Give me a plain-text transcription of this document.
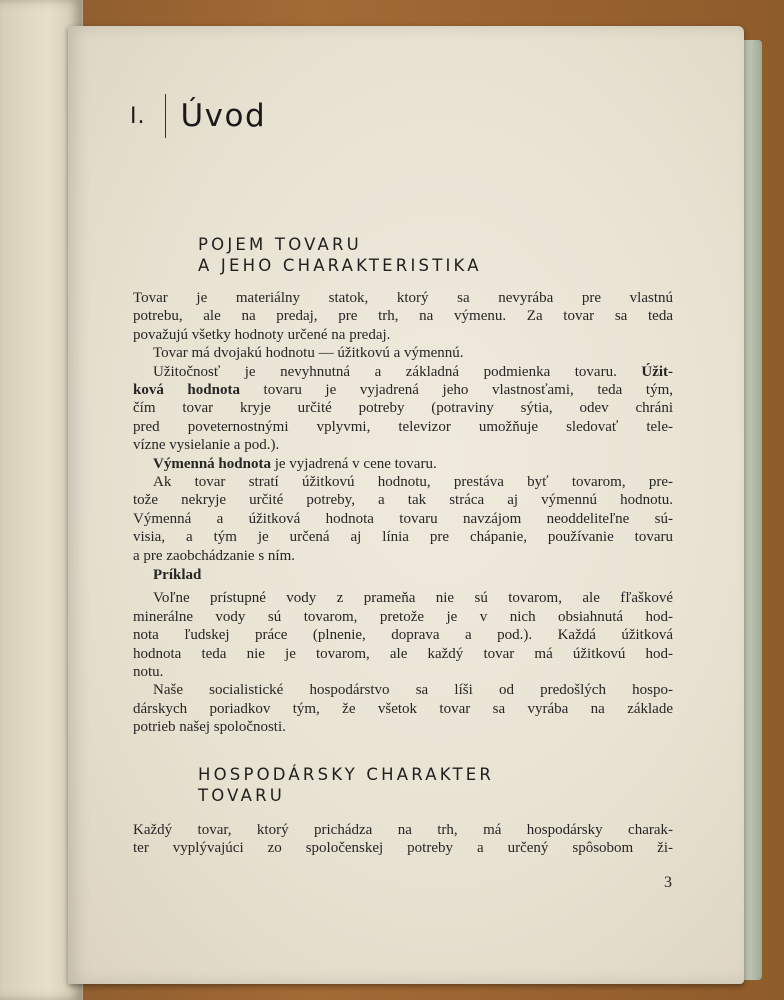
I.	Úvod
POJEM TOVARU
A JEHO CHARAKTERISTIKA
Tovar je materiálny statok, ktorý sa nevyrába pre vlastnú
potrebu, ale na predaj, pre trh, na výmenu. Za tovar sa teda
považujú všetky hodnoty určené na predaj.
Tovar má dvojakú hodnotu — úžitkovú a výmennú.
Užitočnosť je nevyhnutná a základná podmienka tovaru. Úžit-
ková hodnota tovaru je vyjadrená jeho vlastnosťami, teda tým,
čím tovar kryje určité potreby (potraviny sýtia, odev chráni
pred poveternostnými vplyvmi, televizor umožňuje sledovať tele-
vízne vysielanie a pod.).
Výmenná hodnota je vyjadrená v cene tovaru.
Ak tovar stratí úžitkovú hodnotu, prestáva byť tovarom, pre-
tože nekryje určité potreby, a tak stráca aj výmennú hodnotu.
Výmenná a úžitková hodnota tovaru navzájom neoddeliteľne sú-
visia, a tým je určená aj línia pre chápanie, používanie tovaru
a pre zaobchádzanie s ním.
Príklad
Voľne prístupné vody z prameňa nie sú tovarom, ale fľaškové
minerálne vody sú tovarom, pretože je v nich obsiahnutá hod-
nota ľudskej práce (plnenie, doprava a pod.). Každá úžitková
hodnota teda nie je tovarom, ale každý tovar má úžitkovú hod-
notu.
Naše socialistické hospodárstvo sa líši od predošlých hospo-
dárskych poriadkov tým, že všetok tovar sa vyrába na základe
potrieb našej spoločnosti.
HOSPODÁRSKY CHARAKTER
TOVARU
Každý tovar, ktorý prichádza na trh, má hospodársky charak-
ter vyplývajúci zo spoločenskej potreby a určený spôsobom ži-
3
